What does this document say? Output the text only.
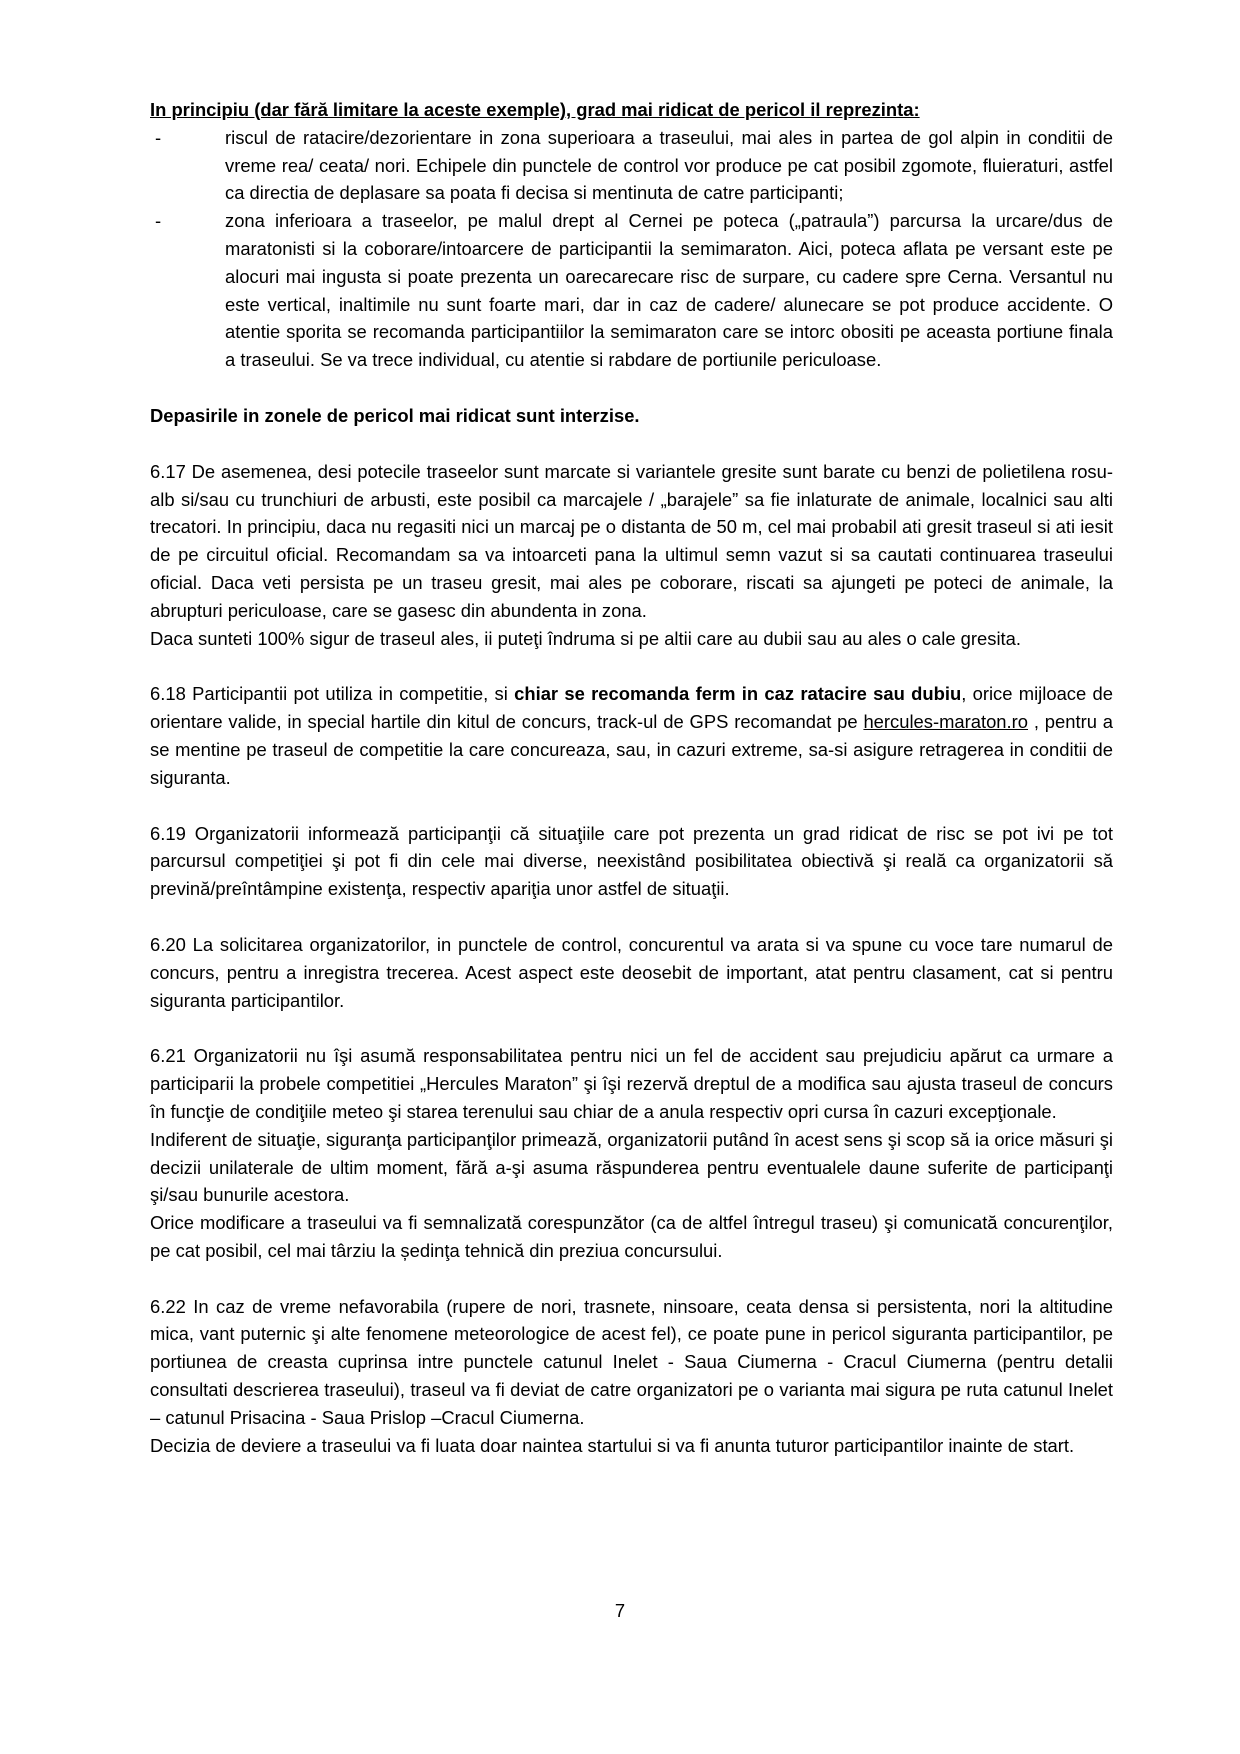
In principiu (dar fără limitare la aceste exemple), grad mai ridicat de pericol il reprezinta:

-	riscul de ratacire/dezorientare in zona superioara a traseului, mai ales in partea de gol alpin in conditii de vreme rea/ ceata/ nori. Echipele din punctele de control vor produce pe cat posibil zgomote, fluieraturi, astfel ca directia de deplasare sa poata fi decisa si mentinuta de catre participanti;
-	zona inferioara a traseelor, pe malul drept al Cernei pe poteca („patraula”) parcursa la urcare/dus de maratonisti si la coborare/intoarcere de participantii la semimaraton. Aici, poteca aflata pe versant este pe alocuri mai ingusta si poate prezenta un oarecarecare risc de surpare, cu cadere spre Cerna. Versantul nu este vertical, inaltimile nu sunt foarte mari, dar in caz de cadere/ alunecare se pot produce accidente. O atentie sporita se recomanda participantiilor la semimaraton care se intorc obositi pe aceasta portiune finala a traseului. Se va trece individual, cu atentie si rabdare de portiunile periculoase.

Depasirile in zonele de pericol mai ridicat sunt interzise.

6.17 De asemenea, desi potecile traseelor sunt marcate si variantele gresite sunt barate cu benzi de polietilena rosu-alb si/sau cu trunchiuri de arbusti, este posibil ca marcajele / „barajele” sa fie inlaturate de animale, localnici sau alti trecatori. In principiu, daca nu regasiti nici un marcaj pe o distanta de 50 m, cel mai probabil ati gresit traseul si ati iesit de pe circuitul oficial. Recomandam sa va intoarceti pana la ultimul semn vazut si sa cautati continuarea traseului oficial. Daca veti persista pe un traseu gresit, mai ales pe coborare, riscati sa ajungeti pe poteci de animale, la abrupturi periculoase, care se gasesc din abundenta in zona.

Daca sunteti 100% sigur de traseul ales, ii puteţi îndruma si pe altii care au dubii sau au ales o cale gresita.

6.18 Participantii pot utiliza in competitie, si chiar se recomanda ferm in caz ratacire sau dubiu, orice mijloace de orientare valide, in special hartile din kitul de concurs, track-ul de GPS recomandat pe hercules-maraton.ro , pentru a se mentine pe traseul de competitie la care concureaza, sau, in cazuri extreme, sa-si asigure retragerea in conditii de siguranta.

6.19 Organizatorii informează participanţii că situaţiile care pot prezenta un grad ridicat de risc se pot ivi pe tot parcursul competiţiei şi pot fi din cele mai diverse, neexistând posibilitatea obiectivă şi reală ca organizatorii să prevină/preîntâmpine existenţa, respectiv apariţia unor astfel de situaţii.

6.20 La solicitarea organizatorilor, in punctele de control, concurentul va arata si va spune cu voce tare numarul de concurs, pentru a inregistra trecerea. Acest aspect este deosebit de important, atat pentru clasament, cat si pentru siguranta participantilor.

6.21 Organizatorii nu îşi asumă responsabilitatea pentru nici un fel de accident sau prejudiciu apărut ca urmare a participarii la probele competitiei „Hercules Maraton” şi îşi rezervă dreptul de a modifica sau ajusta traseul de concurs în funcţie de condiţiile meteo şi starea terenului sau chiar de a anula respectiv opri cursa în cazuri excepţionale.

Indiferent de situaţie, siguranţa participanţilor primează, organizatorii putând în acest sens şi scop să ia orice măsuri şi decizii unilaterale de ultim moment, fără a-şi asuma răspunderea pentru eventualele daune suferite de participanţi şi/sau bunurile acestora.

Orice modificare a traseului va fi semnalizată corespunzător (ca de altfel întregul traseu) şi comunicată concurenţilor, pe cat posibil, cel mai târziu la ședinţa tehnică din preziua concursului.

6.22 In caz de vreme nefavorabila (rupere de nori, trasnete, ninsoare, ceata densa si persistenta, nori la altitudine mica, vant puternic şi alte fenomene meteorologice de acest fel), ce poate pune in pericol siguranta participantilor, pe portiunea de creasta cuprinsa intre punctele catunul Inelet - Saua Ciumerna - Cracul Ciumerna (pentru detalii consultati descrierea traseului), traseul va fi deviat de catre organizatori pe o varianta mai sigura pe ruta catunul Inelet – catunul Prisacina - Saua Prislop –Cracul Ciumerna.

Decizia de deviere a traseului va fi luata doar naintea startului si va fi anunta tuturor participantilor inainte de start.

7
